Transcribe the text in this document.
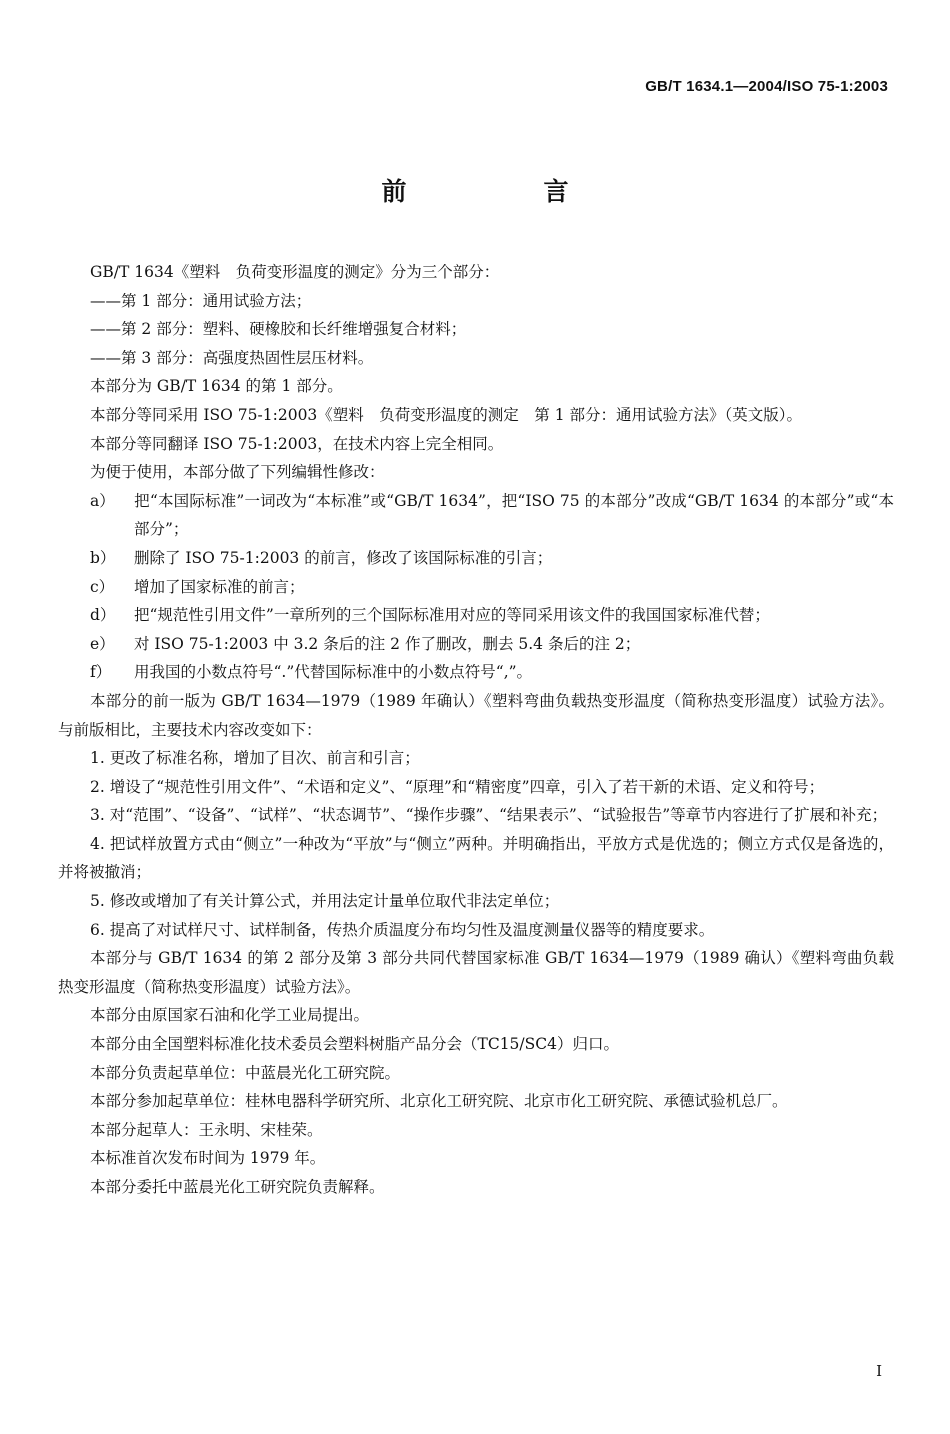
GB/T 1634.1—2004/ISO 75-1:2003
前　言

GB/T 1634《塑料　负荷变形温度的测定》分为三个部分：

——第 1 部分：通用试验方法；

——第 2 部分：塑料、硬橡胶和长纤维增强复合材料；

——第 3 部分：高强度热固性层压材料。

本部分为 GB/T 1634 的第 1 部分。

本部分等同采用 ISO 75-1:2003《塑料　负荷变形温度的测定　第 1 部分：通用试验方法》（英文版）。

本部分等同翻译 ISO 75-1:2003，在技术内容上完全相同。

为便于使用，本部分做了下列编辑性修改：

a） 把“本国际标准”一词改为“本标准”或“GB/T 1634”，把“ISO 75 的本部分”改成“GB/T 1634 的本部分”或“本部分”；

b） 删除了 ISO 75-1:2003 的前言，修改了该国际标准的引言；

c） 增加了国家标准的前言；

d） 把“规范性引用文件”一章所列的三个国际标准用对应的等同采用该文件的我国国家标准代替；

e） 对 ISO 75-1:2003 中 3.2 条后的注 2 作了删改，删去 5.4 条后的注 2；

f） 用我国的小数点符号“.”代替国际标准中的小数点符号“,”。

本部分的前一版为 GB/T 1634—1979（1989 年确认）《塑料弯曲负载热变形温度（简称热变形温度）试验方法》。与前版相比，主要技术内容改变如下：

1. 更改了标准名称，增加了目次、前言和引言；

2. 增设了“规范性引用文件”、“术语和定义”、“原理”和“精密度”四章，引入了若干新的术语、定义和符号；

3. 对“范围”、“设备”、“试样”、“状态调节”、“操作步骤”、“结果表示”、“试验报告”等章节内容进行了扩展和补充；

4. 把试样放置方式由“侧立”一种改为“平放”与“侧立”两种。并明确指出，平放方式是优选的；侧立方式仅是备选的，并将被撤消；

5. 修改或增加了有关计算公式，并用法定计量单位取代非法定单位；

6. 提高了对试样尺寸、试样制备，传热介质温度分布均匀性及温度测量仪器等的精度要求。

本部分与 GB/T 1634 的第 2 部分及第 3 部分共同代替国家标准 GB/T 1634—1979（1989 确认）《塑料弯曲负载热变形温度（简称热变形温度）试验方法》。

本部分由原国家石油和化学工业局提出。

本部分由全国塑料标准化技术委员会塑料树脂产品分会（TC15/SC4）归口。

本部分负责起草单位：中蓝晨光化工研究院。

本部分参加起草单位：桂林电器科学研究所、北京化工研究院、北京市化工研究院、承德试验机总厂。

本部分起草人：王永明、宋桂荣。

本标准首次发布时间为 1979 年。

本部分委托中蓝晨光化工研究院负责解释。

I
